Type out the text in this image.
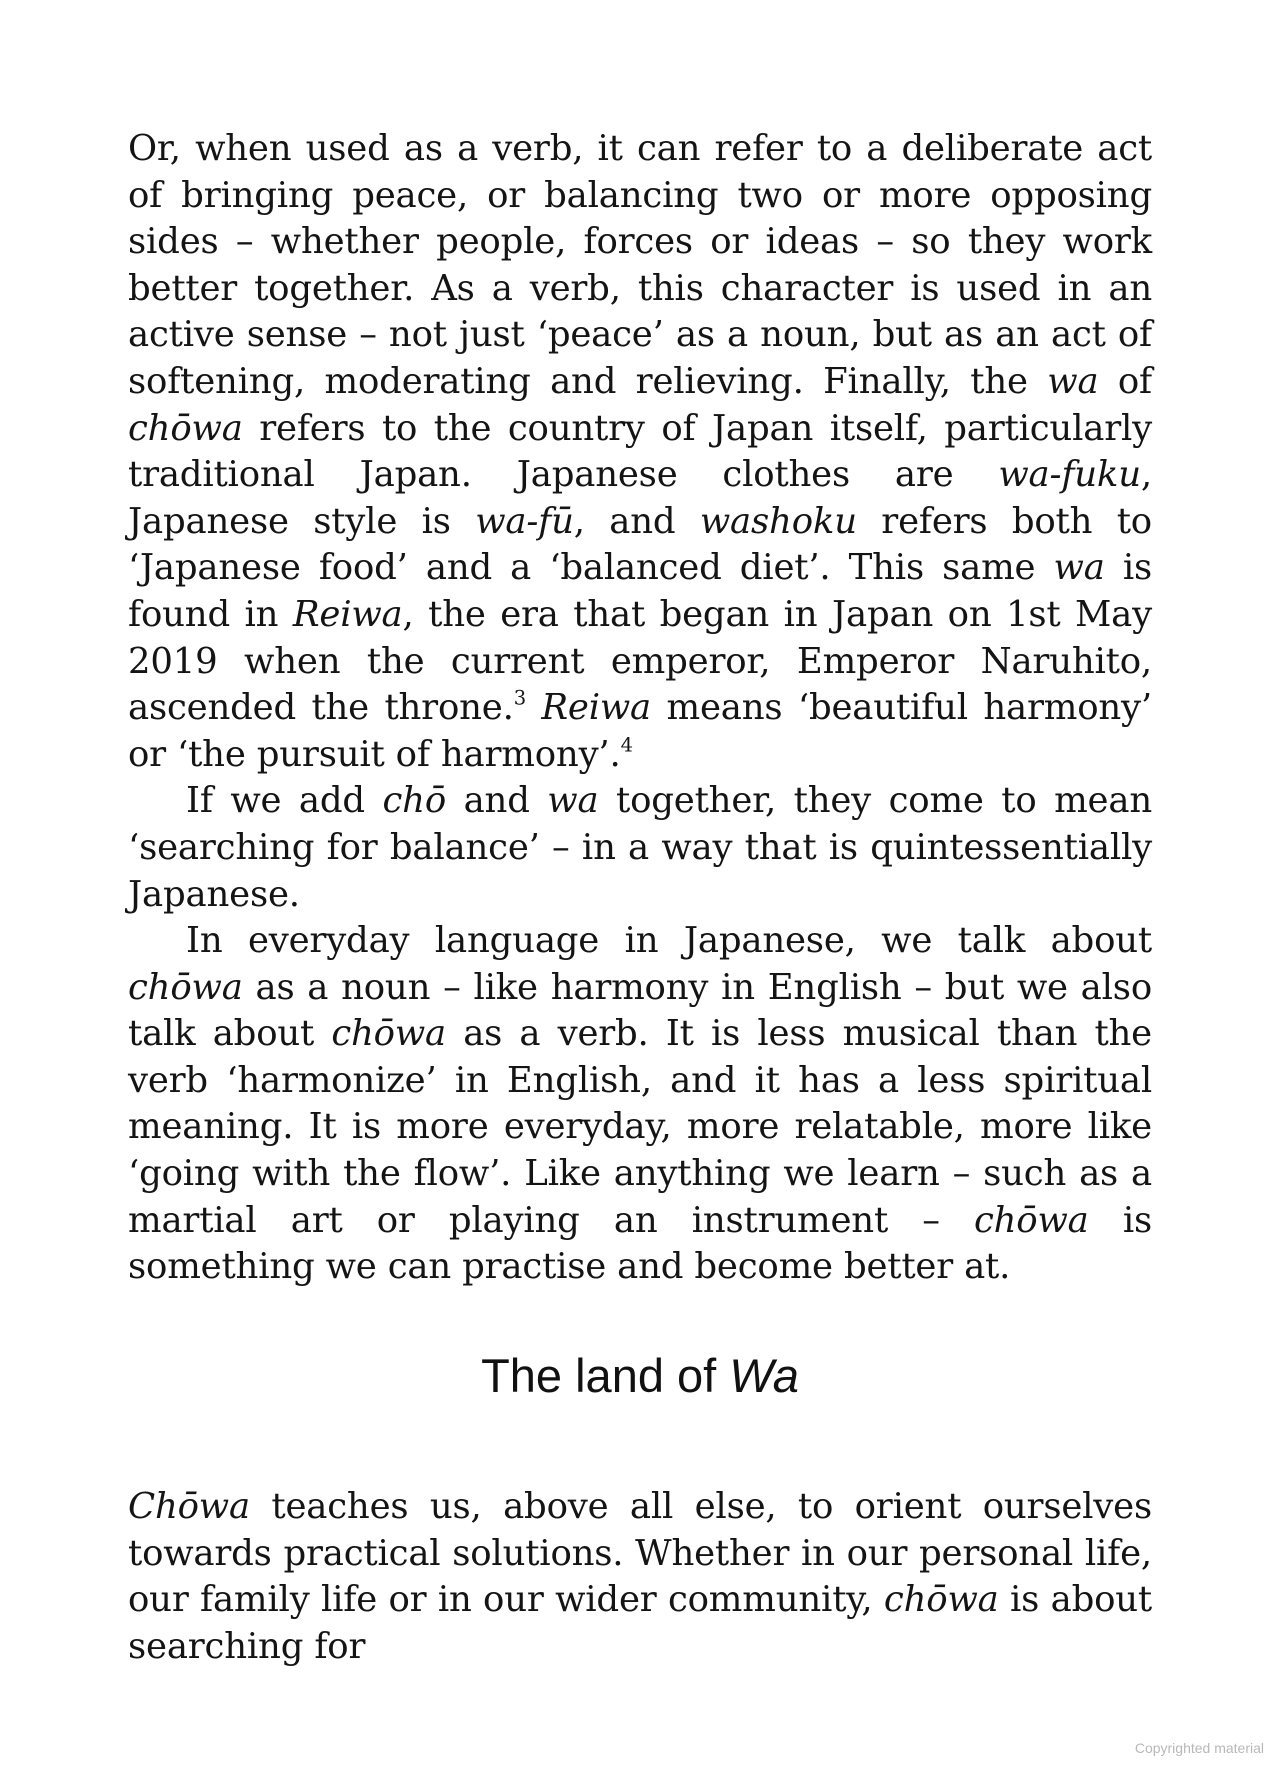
Or, when used as a verb, it can refer to a deliberate act of bringing peace, or balancing two or more opposing sides – whether people, forces or ideas – so they work better together. As a verb, this character is used in an active sense – not just ‘peace’ as a noun, but as an act of softening, moderating and relieving. Finally, the wa of chōwa refers to the country of Japan itself, particularly traditional Japan. Japanese clothes are wa-fuku, Japanese style is wa-fū, and washoku refers both to ‘Japanese food’ and a ‘balanced diet’. This same wa is found in Reiwa, the era that began in Japan on 1st May 2019 when the current emperor, Emperor Naruhito, ascended the throne.$^3$ Reiwa means ‘beautiful harmony’ or ‘the pursuit of harmony’.$^4$

If we add chō and wa together, they come to mean ‘searching for balance’ – in a way that is quintessentially Japanese.

In everyday language in Japanese, we talk about chōwa as a noun – like harmony in English – but we also talk about chōwa as a verb. It is less musical than the verb ‘harmonize’ in English, and it has a less spiritual meaning. It is more everyday, more relatable, more like ‘going with the flow’. Like anything we learn – such as a martial art or playing an instrument – chōwa is something we can practise and become better at.

The land of Wa

Chōwa teaches us, above all else, to orient ourselves towards practical solutions. Whether in our personal life, our family life or in our wider community, chōwa is about searching for

Copyrighted material
